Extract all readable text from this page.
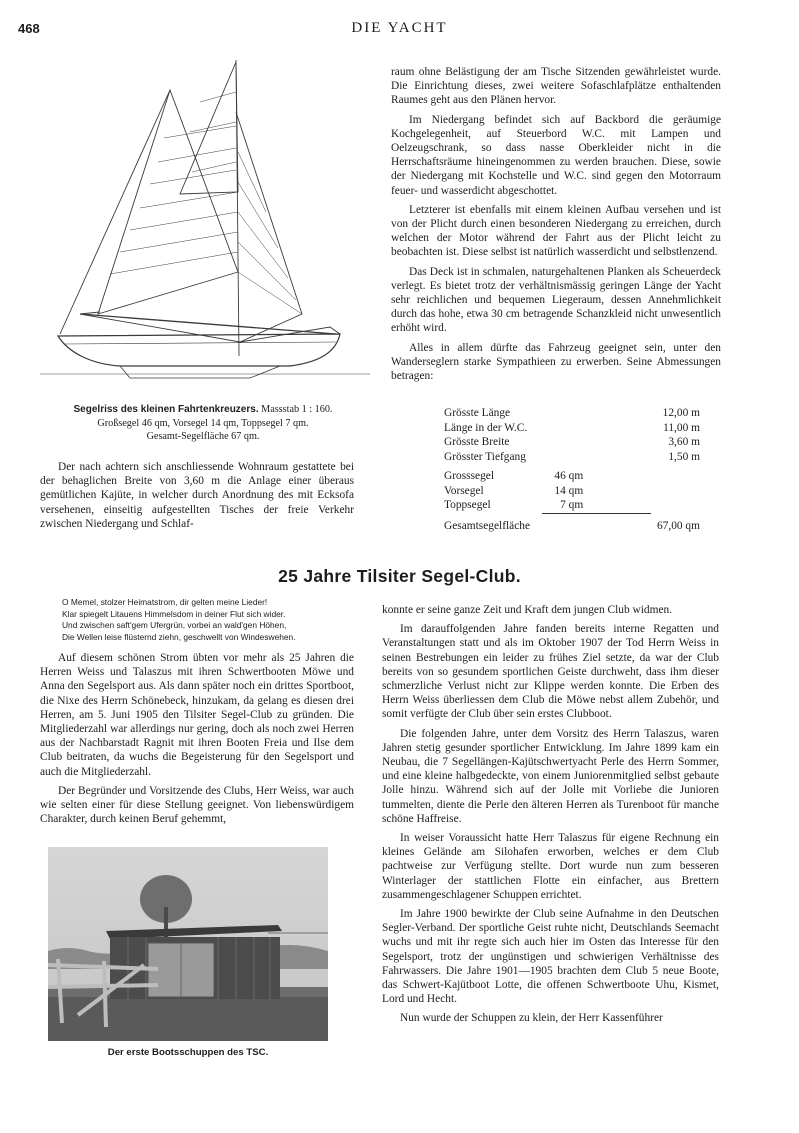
468	DIE YACHT
Segelriss des kleinen Fahrtenkreuzers. Massstab 1 : 160.
Großsegel 46 qm, Vorsegel 14 qm, Toppsegel 7 qm.
Gesamt-Segelfläche 67 qm.

Der nach achtern sich anschliessende Wohnraum gestattete bei der behaglichen Breite von 3,60 m die Anlage einer überaus gemütlichen Kajüte, in welcher durch Anordnung des mit Ecksofa versehenen, einseitig aufgestellten Tisches der freie Verkehr zwischen Niedergang und Schlaf-

raum ohne Belästigung der am Tische Sitzenden gewährleistet wurde. Die Einrichtung dieses, zwei weitere Sofaschlafplätze enthaltenden Raumes geht aus den Plänen hervor.

Im Niedergang befindet sich auf Backbord die geräumige Kochgelegenheit, auf Steuerbord W.C. mit Lampen und Oelzeugschrank, so dass nasse Oberkleider nicht in die Herrschaftsräume hineingenommen zu werden brauchen. Diese, sowie der Niedergang mit Kochstelle und W.C. sind gegen den Motorraum feuer- und wasserdicht abgeschottet.

Letzterer ist ebenfalls mit einem kleinen Aufbau versehen und ist von der Plicht durch einen besonderen Niedergang zu erreichen, durch welchen der Motor während der Fahrt aus der Plicht leicht zu beobachten ist. Diese selbst ist natürlich wasserdicht und selbstlenzend.

Das Deck ist in schmalen, naturgehaltenen Planken als Scheuerdeck verlegt. Es bietet trotz der verhältnismässig geringen Länge der Yacht sehr reichlichen und bequemen Liegeraum, dessen Annehmlichkeit durch das hohe, etwa 30 cm betragende Schanzkleid nicht unwesentlich erhöht wird.

Alles in allem dürfte das Fahrzeug geeignet sein, unter den Wanderseglern starke Sympathieen zu erwerben. Seine Abmessungen betragen:

Grösste Länge		12,00 m
Länge in der W.C.		11,00 m
Grösste Breite		3,60 m
Grösster Tiefgang		1,50 m

Grosssegel	46 qm	
Vorsegel	14 qm	
Toppsegel	7 qm	

Gesamtsegelfläche		67,00 qm
25 Jahre Tilsiter Segel-Club.
O Memel, stolzer Heimatstrom, dir gelten meine Lieder!
Klar spiegelt Litauens Himmelsdom in deiner Flut sich wider.
Und zwischen saft'gem Ufergrün, vorbei an wald'gen Höhen,
Die Wellen leise flüsternd ziehn, geschwellt von Windeswehen.

Auf diesem schönen Strom übten vor mehr als 25 Jahren die Herren Weiss und Talaszus mit ihren Schwertbooten Möwe und Anna den Segelsport aus. Als dann später noch ein drittes Sportboot, die Nixe des Herrn Schönebeck, hinzukam, da gelang es diesen drei Herren, am 5. Juni 1905 den Tilsiter Segel-Club zu gründen. Die Mitgliederzahl war allerdings nur gering, doch als noch zwei Herren aus der Nachbarstadt Ragnit mit ihren Booten Freia und Ilse dem Club beitraten, da wuchs die Begeisterung für den Segelsport und auch die Mitgliederzahl.

Der Begründer und Vorsitzende des Clubs, Herr Weiss, war auch wie selten einer für diese Stellung geeignet. Von liebenswürdigem Charakter, durch keinen Beruf gehemmt,

Der erste Bootsschuppen des TSC.

konnte er seine ganze Zeit und Kraft dem jungen Club widmen.

Im darauffolgenden Jahre fanden bereits interne Regatten und Veranstaltungen statt und als im Oktober 1907 der Tod Herrn Weiss in seinen Bestrebungen ein leider zu frühes Ziel setzte, da war der Club bereits von so gesundem sportlichen Geiste durchweht, dass ihm dieser schmerzliche Verlust nicht zur Klippe werden konnte. Die Erben des Herrn Weiss überliessen dem Club die Möwe nebst allem Zubehör, und somit verfügte der Club über sein erstes Clubboot.

Die folgenden Jahre, unter dem Vorsitz des Herrn Talaszus, waren Jahren stetig gesunder sportlicher Entwicklung. Im Jahre 1899 kam ein Neubau, die 7 Segellängen-Kajütschwertyacht Perle des Herrn Sommer, und eine kleine halbgedeckte, von einem Juniorenmitglied selbst gebaute Jolle hinzu. Während sich auf der Jolle mit Vorliebe die Junioren tummelten, diente die Perle den älteren Herren als Turenboot für manche schöne Haffreise.

In weiser Voraussicht hatte Herr Talaszus für eigene Rechnung ein kleines Gelände am Silohafen erworben, welches er dem Club pachtweise zur Verfügung stellte. Dort wurde nun zum besseren Winterlager der stattlichen Flotte ein einfacher, aus Brettern zusammengeschlagener Schuppen errichtet.

Im Jahre 1900 bewirkte der Club seine Aufnahme in den Deutschen Segler-Verband. Der sportliche Geist ruhte nicht, Deutschlands Seemacht wuchs und mit ihr regte sich auch hier im Osten das Interesse für den Segelsport, trotz der ungünstigen und schwierigen Verhältnisse des Fahrwassers. Die Jahre 1901—1905 brachten dem Club 5 neue Boote, das Schwert-Kajütboot Lotte, die offenen Schwertboote Uhu, Kismet, Lord und Hecht.

Nun wurde der Schuppen zu klein, der Herr Kassenführer
